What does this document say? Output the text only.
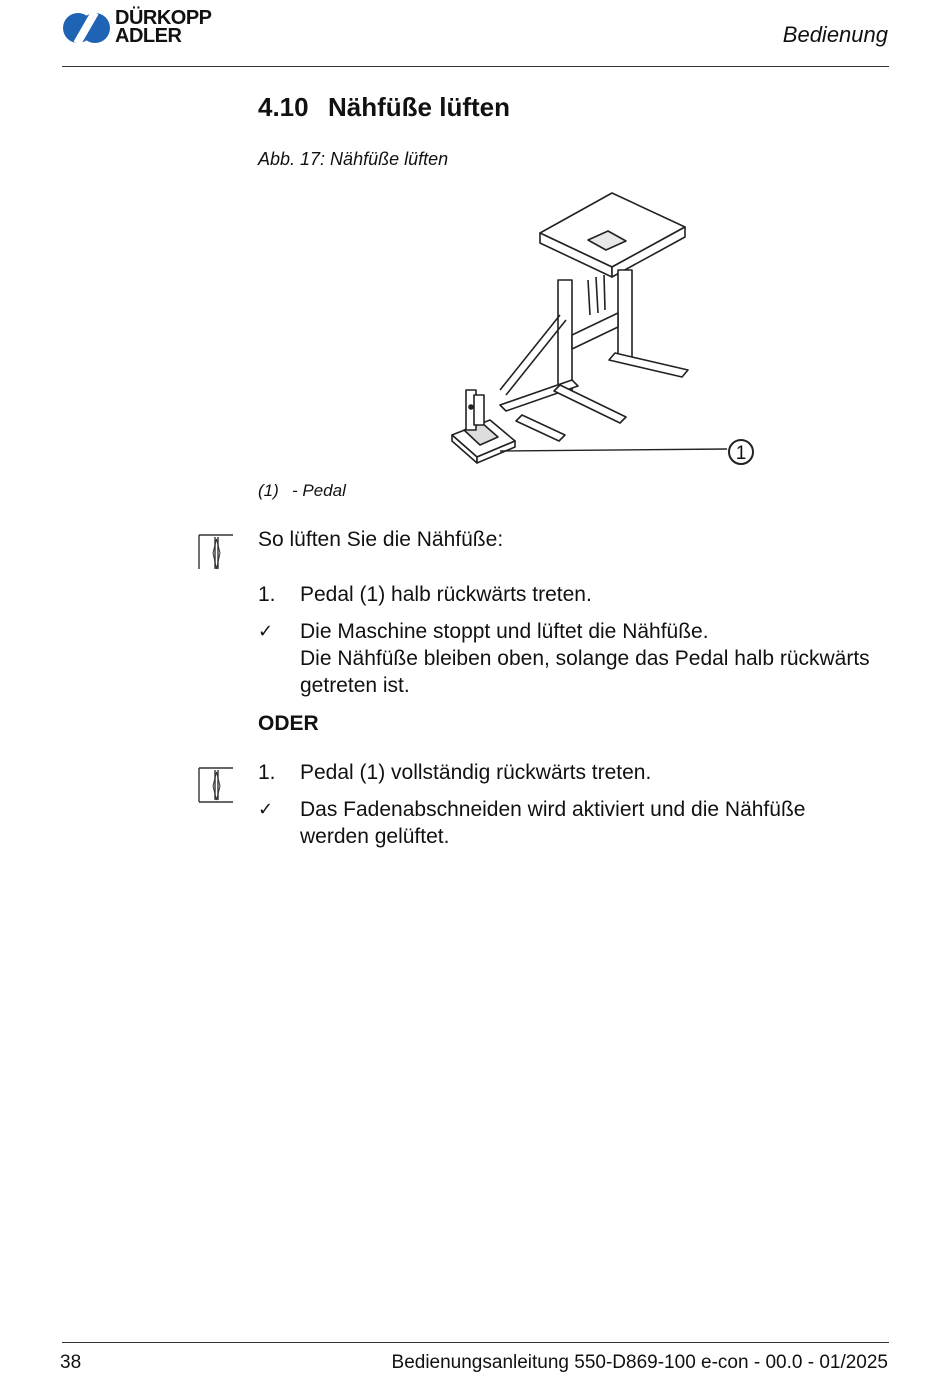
DÜRKOPP
ADLER	Bedienung
4.10 Nähfüße lüften
Abb. 17: Nähfüße lüften
1
(1) - Pedal
So lüften Sie die Nähfüße:
1. Pedal (1) halb rückwärts treten.
✓ Die Maschine stoppt und lüftet die Nähfüße.
Die Nähfüße bleiben oben, solange das Pedal halb rückwärts
getreten ist.
ODER
1. Pedal (1) vollständig rückwärts treten.
✓ Das Fadenabschneiden wird aktiviert und die Nähfüße
werden gelüftet.
38	Bedienungsanleitung 550-D869-100 e-con - 00.0 - 01/2025
